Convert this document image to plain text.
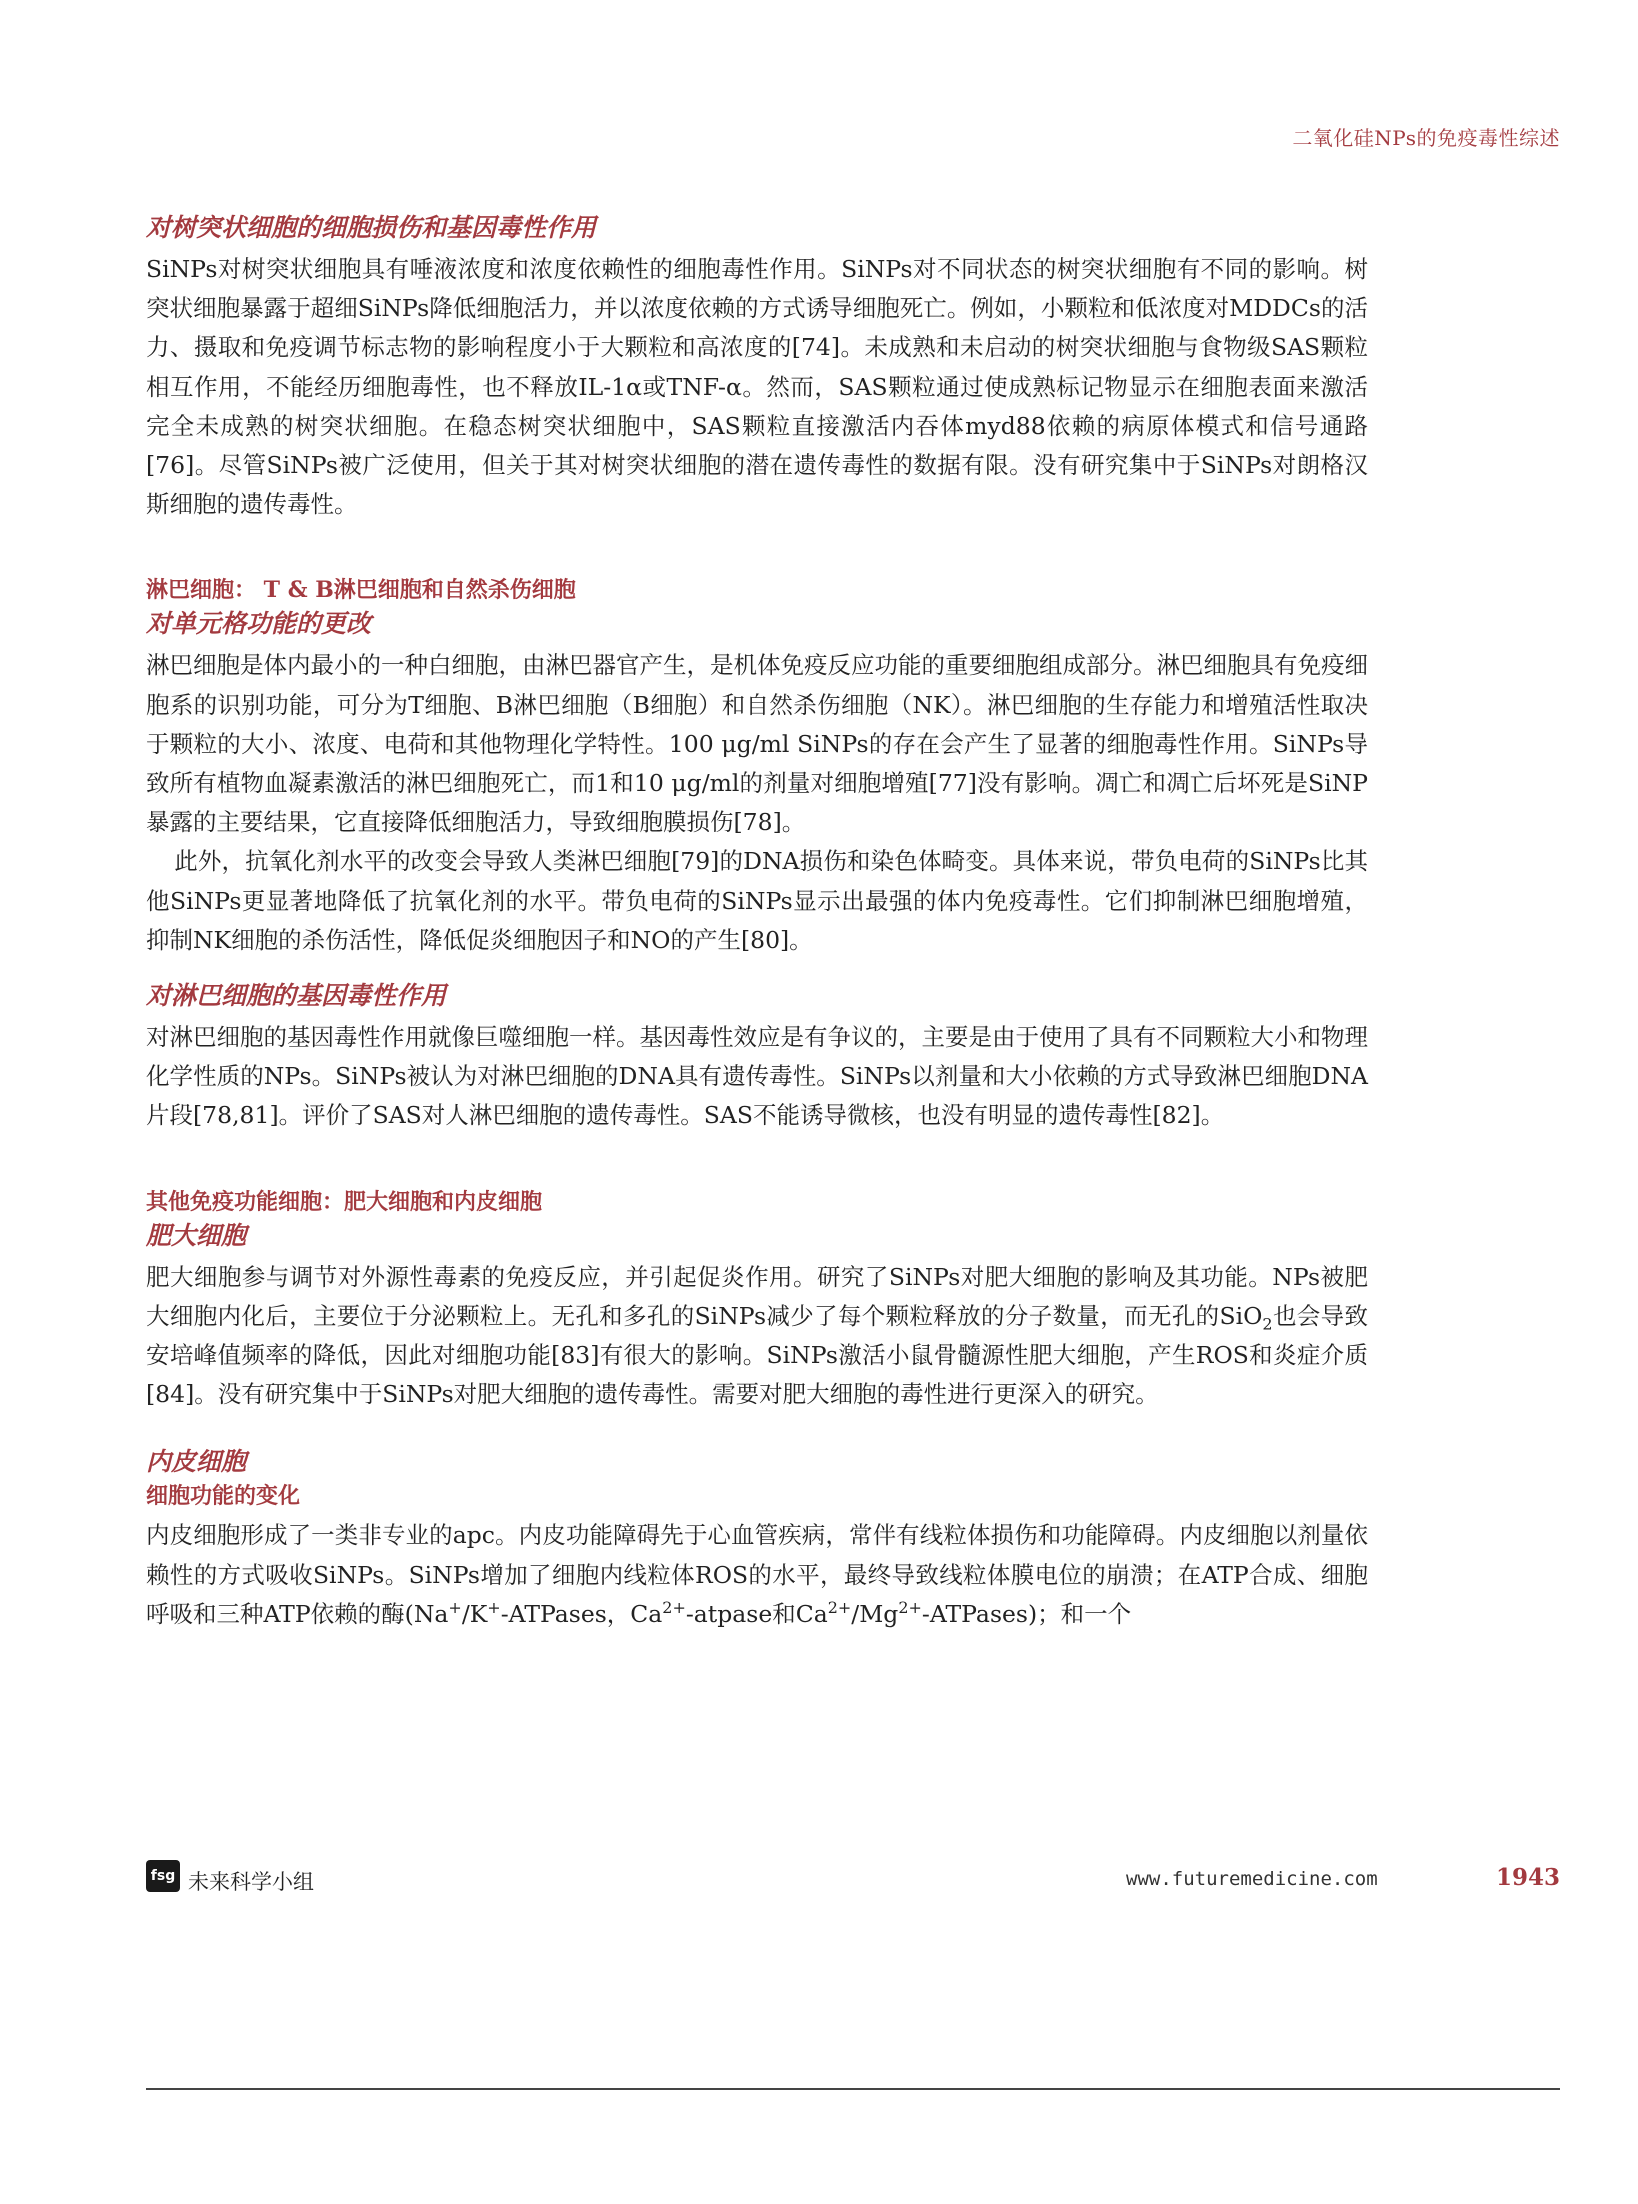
二氧化硅NPs的免疫毒性综述
对树突状细胞的细胞损伤和基因毒性作用

SiNPs对树突状细胞具有唾液浓度和浓度依赖性的细胞毒性作用。SiNPs对不同状态的树突状细胞有不同的影响。树突状细胞暴露于超细SiNPs降低细胞活力，并以浓度依赖的方式诱导细胞死亡。例如，小颗粒和低浓度对MDDCs的活力、摄取和免疫调节标志物的影响程度小于大颗粒和高浓度的[74]。未成熟和未启动的树突状细胞与食物级SAS颗粒相互作用，不能经历细胞毒性，也不释放IL-1α或TNF-α。然而，SAS颗粒通过使成熟标记物显示在细胞表面来激活完全未成熟的树突状细胞。在稳态树突状细胞中，SAS颗粒直接激活内吞体myd88依赖的病原体模式和信号通路[76]。尽管SiNPs被广泛使用，但关于其对树突状细胞的潜在遗传毒性的数据有限。没有研究集中于SiNPs对朗格汉斯细胞的遗传毒性。

淋巴细胞： T & B淋巴细胞和自然杀伤细胞
对单元格功能的更改

淋巴细胞是体内最小的一种白细胞，由淋巴器官产生，是机体免疫反应功能的重要细胞组成部分。淋巴细胞具有免疫细胞系的识别功能，可分为T细胞、B淋巴细胞（B细胞）和自然杀伤细胞（NK）。淋巴细胞的生存能力和增殖活性取决于颗粒的大小、浓度、电荷和其他物理化学特性。100 μg/ml SiNPs的存在会产生了显著的细胞毒性作用。SiNPs导致所有植物血凝素激活的淋巴细胞死亡，而1和10 μg/ml的剂量对细胞增殖[77]没有影响。凋亡和凋亡后坏死是SiNP暴露的主要结果，它直接降低细胞活力，导致细胞膜损伤[78]。

此外，抗氧化剂水平的改变会导致人类淋巴细胞[79]的DNA损伤和染色体畸变。具体来说，带负电荷的SiNPs比其他SiNPs更显著地降低了抗氧化剂的水平。带负电荷的SiNPs显示出最强的体内免疫毒性。它们抑制淋巴细胞增殖，抑制NK细胞的杀伤活性，降低促炎细胞因子和NO的产生[80]。

对淋巴细胞的基因毒性作用

对淋巴细胞的基因毒性作用就像巨噬细胞一样。基因毒性效应是有争议的，主要是由于使用了具有不同颗粒大小和物理化学性质的NPs。SiNPs被认为对淋巴细胞的DNA具有遗传毒性。SiNPs以剂量和大小依赖的方式导致淋巴细胞DNA片段[78,81]。评价了SAS对人淋巴细胞的遗传毒性。SAS不能诱导微核，也没有明显的遗传毒性[82]。

其他免疫功能细胞：肥大细胞和内皮细胞
肥大细胞

肥大细胞参与调节对外源性毒素的免疫反应，并引起促炎作用。研究了SiNPs对肥大细胞的影响及其功能。NPs被肥大细胞内化后，主要位于分泌颗粒上。无孔和多孔的SiNPs减少了每个颗粒释放的分子数量，而无孔的SiO$_2$也会导致安培峰值频率的降低，因此对细胞功能[83]有很大的影响。SiNPs激活小鼠骨髓源性肥大细胞，产生ROS和炎症介质[84]。没有研究集中于SiNPs对肥大细胞的遗传毒性。需要对肥大细胞的毒性进行更深入的研究。

内皮细胞
细胞功能的变化

内皮细胞形成了一类非专业的apc。内皮功能障碍先于心血管疾病，常伴有线粒体损伤和功能障碍。内皮细胞以剂量依赖性的方式吸收SiNPs。SiNPs增加了细胞内线粒体ROS的水平，最终导致线粒体膜电位的崩溃；在ATP合成、细胞呼吸和三种ATP依赖的酶(Na+/K+-ATPases，$Ca^{2+}$-atpase和$Ca^{2+}/Mg^{2+}-ATPases$)；和一个

fsg 未来科学小组	www.futuremedicine.com	1943
